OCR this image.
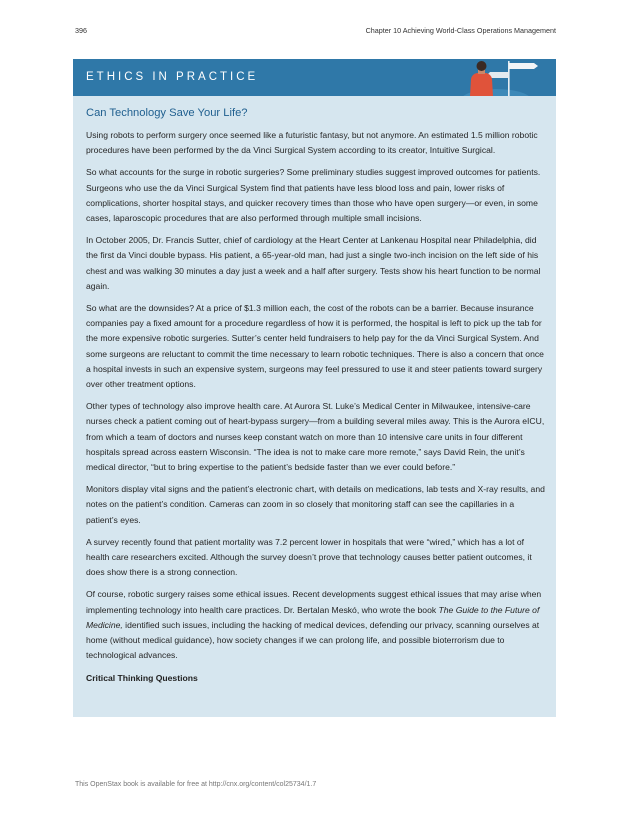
396	Chapter 10 Achieving World-Class Operations Management
ETHICS IN PRACTICE
Can Technology Save Your Life?

Using robots to perform surgery once seemed like a futuristic fantasy, but not anymore. An estimated 1.5 million robotic procedures have been performed by the da Vinci Surgical System according to its creator, Intuitive Surgical.

So what accounts for the surge in robotic surgeries? Some preliminary studies suggest improved outcomes for patients. Surgeons who use the da Vinci Surgical System find that patients have less blood loss and pain, lower risks of complications, shorter hospital stays, and quicker recovery times than those who have open surgery—or even, in some cases, laparoscopic procedures that are also performed through multiple small incisions.

In October 2005, Dr. Francis Sutter, chief of cardiology at the Heart Center at Lankenau Hospital near Philadelphia, did the first da Vinci double bypass. His patient, a 65-year-old man, had just a single two-inch incision on the left side of his chest and was walking 30 minutes a day just a week and a half after surgery. Tests show his heart function to be normal again.

So what are the downsides? At a price of $1.3 million each, the cost of the robots can be a barrier. Because insurance companies pay a fixed amount for a procedure regardless of how it is performed, the hospital is left to pick up the tab for the more expensive robotic surgeries. Sutter’s center held fundraisers to help pay for the da Vinci Surgical System. And some surgeons are reluctant to commit the time necessary to learn robotic techniques. There is also a concern that once a hospital invests in such an expensive system, surgeons may feel pressured to use it and steer patients toward surgery over other treatment options.

Other types of technology also improve health care. At Aurora St. Luke’s Medical Center in Milwaukee, intensive-care nurses check a patient coming out of heart-bypass surgery—from a building several miles away. This is the Aurora eICU, from which a team of doctors and nurses keep constant watch on more than 10 intensive care units in four different hospitals spread across eastern Wisconsin. “The idea is not to make care more remote,” says David Rein, the unit’s medical director, “but to bring expertise to the patient’s bedside faster than we ever could before.”

Monitors display vital signs and the patient’s electronic chart, with details on medications, lab tests and X-ray results, and notes on the patient’s condition. Cameras can zoom in so closely that monitoring staff can see the capillaries in a patient’s eyes.

A survey recently found that patient mortality was 7.2 percent lower in hospitals that were “wired,” which has a lot of health care researchers excited. Although the survey doesn’t prove that technology causes better patient outcomes, it does show there is a strong connection.

Of course, robotic surgery raises some ethical issues. Recent developments suggest ethical issues that may arise when implementing technology into health care practices. Dr. Bertalan Meskó, who wrote the book The Guide to the Future of Medicine, identified such issues, including the hacking of medical devices, defending our privacy, scanning ourselves at home (without medical guidance), how society changes if we can prolong life, and possible bioterrorism due to technological advances.

Critical Thinking Questions

This OpenStax book is available for free at http://cnx.org/content/col25734/1.7
